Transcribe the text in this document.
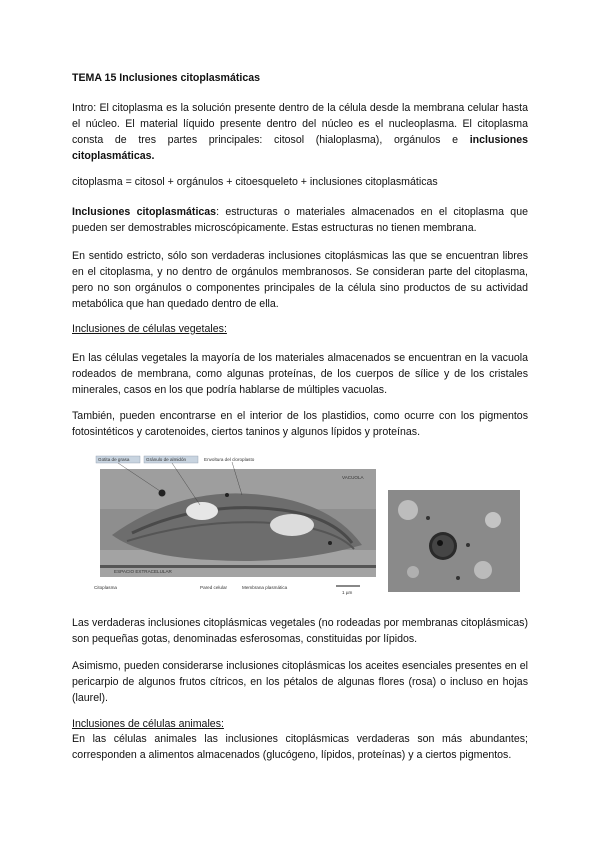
TEMA 15 Inclusiones citoplasmáticas

Intro: El citoplasma es la solución presente dentro de la célula desde la membrana celular hasta el núcleo. El material líquido presente dentro del núcleo es el nucleoplasma. El citoplasma consta de tres partes principales: citosol (hialoplasma), orgánulos e inclusiones citoplasmáticas.

citoplasma = citosol + orgánulos + citoesqueleto + inclusiones citoplasmáticas

Inclusiones citoplasmáticas: estructuras o materiales almacenados en el citoplasma que pueden ser demostrables microscópicamente. Estas estructuras no tienen membrana.

En sentido estricto, sólo son verdaderas inclusiones citoplásmicas las que se encuentran libres en el citoplasma, y no dentro de orgánulos membranosos. Se consideran parte del citoplasma, pero no son orgánulos o componentes principales de la célula sino productos de su actividad metabólica que han quedado dentro de ella.

Inclusiones de células vegetales:

En las células vegetales la mayoría de los materiales almacenados se encuentran en la vacuola rodeados de membrana, como algunas proteínas, de los cuerpos de sílice y de los cristales minerales, casos en los que podría hablarse de múltiples vacuolas.

También, pueden encontrarse en el interior de los plastidios, como ocurre con los pigmentos fotosintéticos y carotenoides, ciertos taninos y algunos lípidos y proteínas.

Gotita de grasa	Gránulo de almidón	Envoltura del cloroplasto
VACUOLA
ESPACIO EXTRACELULAR
Citoplasma	Pared celular	Membrana plasmática
1 µm

Las verdaderas inclusiones citoplásmicas vegetales (no rodeadas por membranas citoplásmicas) son pequeñas gotas, denominadas esferosomas, constituidas por lípidos.

Asimismo, pueden considerarse inclusiones citoplásmicas los aceites esenciales presentes en el pericarpio de algunos frutos cítricos, en los pétalos de algunas flores (rosa) o incluso en hojas (laurel).

Inclusiones de células animales:

En las células animales las inclusiones citoplásmicas verdaderas son más abundantes; corresponden a alimentos almacenados (glucógeno, lípidos, proteínas) y a ciertos pigmentos.
